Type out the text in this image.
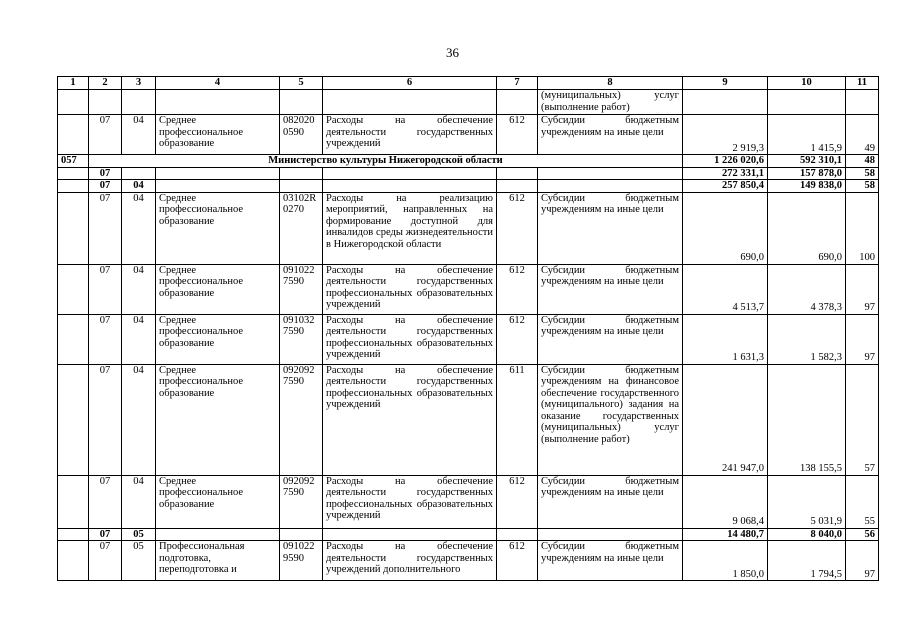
36
1	2	3	4	5	6	7	8	9	10	11
							(муниципальных) услуг (выполнение работ)			
	07	04	Среднее профессиональное образование	082020 0590	Расходы на обеспечение деятельности государственных учреждений	612	Субсидии бюджетным учреждениям на иные цели	2 919,3	1 415,9	49
057	Министерство культуры Нижегородской области							1 226 020,6	592 310,1	48
	07							272 331,1	157 878,0	58
	07	04						257 850,4	149 838,0	58
	07	04	Среднее профессиональное образование	03102R 0270	Расходы на реализацию мероприятий, направленных на формирование доступной для инвалидов среды жизнедеятельности в Нижегородской области	612	Субсидии бюджетным учреждениям на иные цели	690,0	690,0	100
	07	04	Среднее профессиональное образование	091022 7590	Расходы на обеспечение деятельности государственных профессиональных образовательных учреждений	612	Субсидии бюджетным учреждениям на иные цели	4 513,7	4 378,3	97
	07	04	Среднее профессиональное образование	091032 7590	Расходы на обеспечение деятельности государственных профессиональных образовательных учреждений	612	Субсидии бюджетным учреждениям на иные цели	1 631,3	1 582,3	97
	07	04	Среднее профессиональное образование	092092 7590	Расходы на обеспечение деятельности государственных профессиональных образовательных учреждений	611	Субсидии бюджетным учреждениям на финансовое обеспечение государственного (муниципального) задания на оказание государственных (муниципальных) услуг (выполнение работ)	241 947,0	138 155,5	57
	07	04	Среднее профессиональное образование	092092 7590	Расходы на обеспечение деятельности государственных профессиональных образовательных учреждений	612	Субсидии бюджетным учреждениям на иные цели	9 068,4	5 031,9	55
	07	05						14 480,7	8 040,0	56
	07	05	Профессиональная подготовка, переподготовка и	091022 9590	Расходы на обеспечение деятельности государственных учреждений дополнительного	612	Субсидии бюджетным учреждениям на иные цели	1 850,0	1 794,5	97
